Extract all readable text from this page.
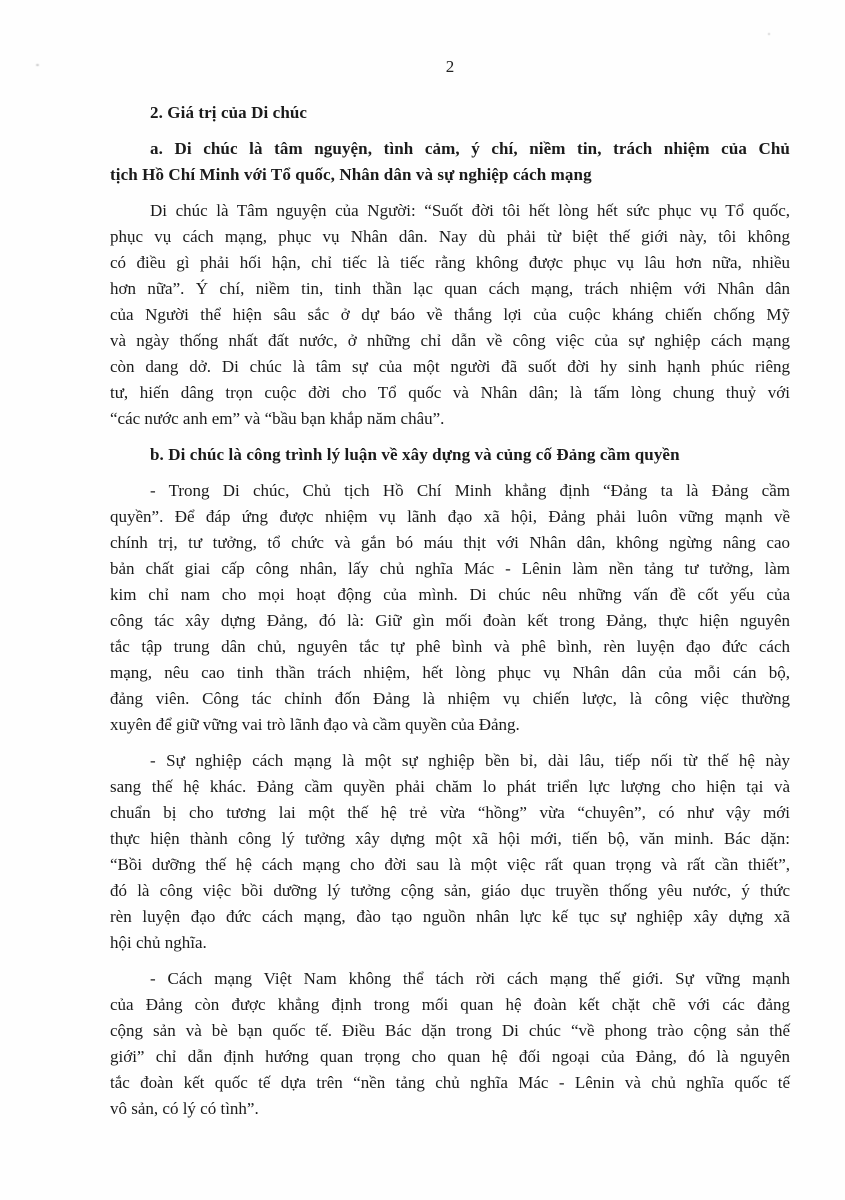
2
2. Giá trị của Di chúc
a. Di chúc là tâm nguyện, tình cảm, ý chí, niềm tin, trách nhiệm của Chủ
tịch Hồ Chí Minh với Tổ quốc, Nhân dân và sự nghiệp cách mạng
Di chúc là Tâm nguyện của Người: “Suốt đời tôi hết lòng hết sức phục vụ Tổ quốc,
phục vụ cách mạng, phục vụ Nhân dân. Nay dù phải từ biệt thế giới này, tôi không
có điều gì phải hối hận, chỉ tiếc là tiếc rằng không được phục vụ lâu hơn nữa, nhiều
hơn nữa”. Ý chí, niềm tin, tinh thần lạc quan cách mạng, trách nhiệm với Nhân dân
của Người thể hiện sâu sắc ở dự báo về thắng lợi của cuộc kháng chiến chống Mỹ
và ngày thống nhất đất nước, ở những chỉ dẫn về công việc của sự nghiệp cách mạng
còn dang dở. Di chúc là tâm sự của một người đã suốt đời hy sinh hạnh phúc riêng
tư, hiến dâng trọn cuộc đời cho Tổ quốc và Nhân dân; là tấm lòng chung thuỷ với
“các nước anh em” và “bầu bạn khắp năm châu”.
b. Di chúc là công trình lý luận về xây dựng và củng cố Đảng cầm quyền
- Trong Di chúc, Chủ tịch Hồ Chí Minh khẳng định “Đảng ta là Đảng cầm
quyền”. Để đáp ứng được nhiệm vụ lãnh đạo xã hội, Đảng phải luôn vững mạnh về
chính trị, tư tưởng, tổ chức và gắn bó máu thịt với Nhân dân, không ngừng nâng cao
bản chất giai cấp công nhân, lấy chủ nghĩa Mác - Lênin làm nền tảng tư tưởng, làm
kim chỉ nam cho mọi hoạt động của mình. Di chúc nêu những vấn đề cốt yếu của
công tác xây dựng Đảng, đó là: Giữ gìn mối đoàn kết trong Đảng, thực hiện nguyên
tắc tập trung dân chủ, nguyên tắc tự phê bình và phê bình, rèn luyện đạo đức cách
mạng, nêu cao tinh thần trách nhiệm, hết lòng phục vụ Nhân dân của mỗi cán bộ,
đảng viên. Công tác chỉnh đốn Đảng là nhiệm vụ chiến lược, là công việc thường
xuyên để giữ vững vai trò lãnh đạo và cầm quyền của Đảng.
- Sự nghiệp cách mạng là một sự nghiệp bền bỉ, dài lâu, tiếp nối từ thế hệ này
sang thế hệ khác. Đảng cầm quyền phải chăm lo phát triển lực lượng cho hiện tại và
chuẩn bị cho tương lai một thế hệ trẻ vừa “hồng” vừa “chuyên”, có như vậy mới
thực hiện thành công lý tưởng xây dựng một xã hội mới, tiến bộ, văn minh. Bác dặn:
“Bồi dưỡng thế hệ cách mạng cho đời sau là một việc rất quan trọng và rất cần thiết”,
đó là công việc bồi dưỡng lý tưởng cộng sản, giáo dục truyền thống yêu nước, ý thức
rèn luyện đạo đức cách mạng, đào tạo nguồn nhân lực kế tục sự nghiệp xây dựng xã
hội chủ nghĩa.
- Cách mạng Việt Nam không thể tách rời cách mạng thế giới. Sự vững mạnh
của Đảng còn được khẳng định trong mối quan hệ đoàn kết chặt chẽ với các đảng
cộng sản và bè bạn quốc tế. Điều Bác dặn trong Di chúc “về phong trào cộng sản thế
giới” chỉ dẫn định hướng quan trọng cho quan hệ đối ngoại của Đảng, đó là nguyên
tắc đoàn kết quốc tế dựa trên “nền tảng chủ nghĩa Mác - Lênin và chủ nghĩa quốc tế
vô sản, có lý có tình”.
